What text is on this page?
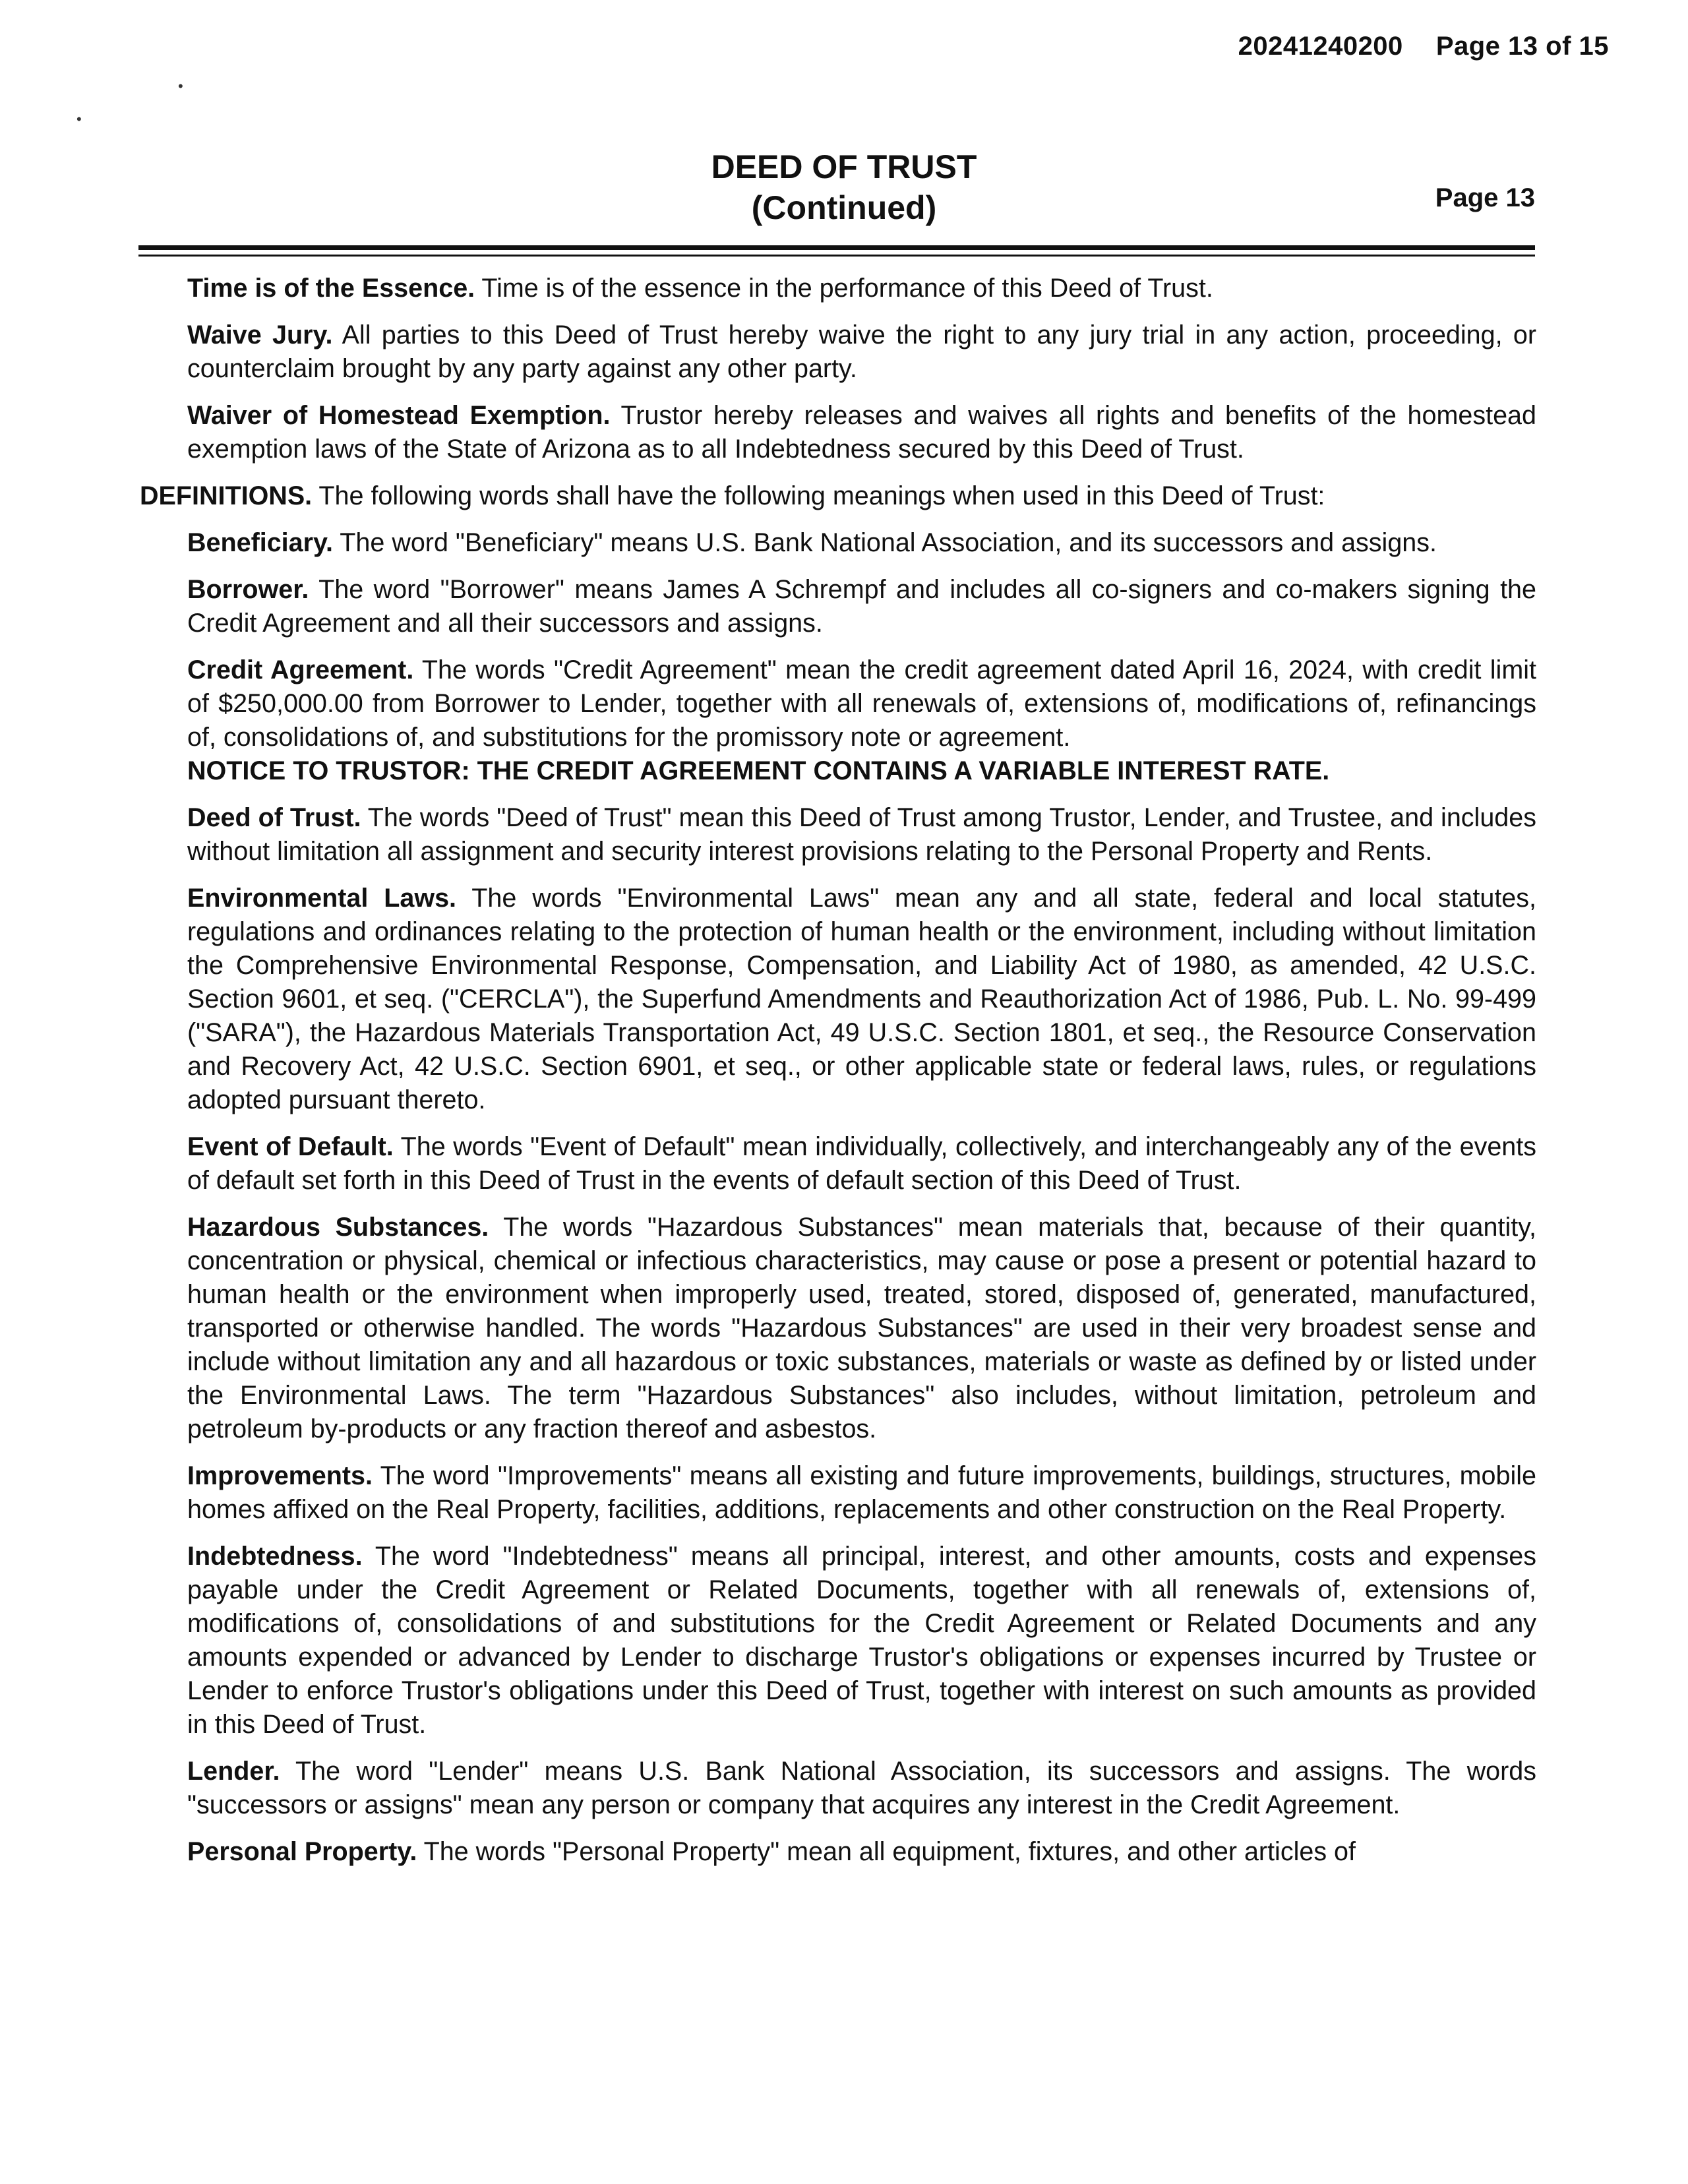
20241240200 Page 13 of 15
•
•
DEED OF TRUST
(Continued)	Page 13

Time is of the Essence. Time is of the essence in the performance of this Deed of Trust.

Waive Jury. All parties to this Deed of Trust hereby waive the right to any jury trial in any action, proceeding, or counterclaim brought by any party against any other party.

Waiver of Homestead Exemption. Trustor hereby releases and waives all rights and benefits of the homestead exemption laws of the State of Arizona as to all Indebtedness secured by this Deed of Trust.

DEFINITIONS. The following words shall have the following meanings when used in this Deed of Trust:

Beneficiary. The word "Beneficiary" means U.S. Bank National Association, and its successors and assigns.

Borrower. The word "Borrower" means James A Schrempf and includes all co-signers and co-makers signing the Credit Agreement and all their successors and assigns.

Credit Agreement. The words "Credit Agreement" mean the credit agreement dated April 16, 2024, with credit limit of $250,000.00 from Borrower to Lender, together with all renewals of, extensions of, modifications of, refinancings of, consolidations of, and substitutions for the promissory note or agreement.
NOTICE TO TRUSTOR: THE CREDIT AGREEMENT CONTAINS A VARIABLE INTEREST RATE.

Deed of Trust. The words "Deed of Trust" mean this Deed of Trust among Trustor, Lender, and Trustee, and includes without limitation all assignment and security interest provisions relating to the Personal Property and Rents.

Environmental Laws. The words "Environmental Laws" mean any and all state, federal and local statutes, regulations and ordinances relating to the protection of human health or the environment, including without limitation the Comprehensive Environmental Response, Compensation, and Liability Act of 1980, as amended, 42 U.S.C. Section 9601, et seq. ("CERCLA"), the Superfund Amendments and Reauthorization Act of 1986, Pub. L. No. 99-499 ("SARA"), the Hazardous Materials Transportation Act, 49 U.S.C. Section 1801, et seq., the Resource Conservation and Recovery Act, 42 U.S.C. Section 6901, et seq., or other applicable state or federal laws, rules, or regulations adopted pursuant thereto.

Event of Default. The words "Event of Default" mean individually, collectively, and interchangeably any of the events of default set forth in this Deed of Trust in the events of default section of this Deed of Trust.

Hazardous Substances. The words "Hazardous Substances" mean materials that, because of their quantity, concentration or physical, chemical or infectious characteristics, may cause or pose a present or potential hazard to human health or the environment when improperly used, treated, stored, disposed of, generated, manufactured, transported or otherwise handled. The words "Hazardous Substances" are used in their very broadest sense and include without limitation any and all hazardous or toxic substances, materials or waste as defined by or listed under the Environmental Laws. The term "Hazardous Substances" also includes, without limitation, petroleum and petroleum by-products or any fraction thereof and asbestos.

Improvements. The word "Improvements" means all existing and future improvements, buildings, structures, mobile homes affixed on the Real Property, facilities, additions, replacements and other construction on the Real Property.

Indebtedness. The word "Indebtedness" means all principal, interest, and other amounts, costs and expenses payable under the Credit Agreement or Related Documents, together with all renewals of, extensions of, modifications of, consolidations of and substitutions for the Credit Agreement or Related Documents and any amounts expended or advanced by Lender to discharge Trustor's obligations or expenses incurred by Trustee or Lender to enforce Trustor's obligations under this Deed of Trust, together with interest on such amounts as provided in this Deed of Trust.

Lender. The word "Lender" means U.S. Bank National Association, its successors and assigns. The words "successors or assigns" mean any person or company that acquires any interest in the Credit Agreement.

Personal Property. The words "Personal Property" mean all equipment, fixtures, and other articles of
